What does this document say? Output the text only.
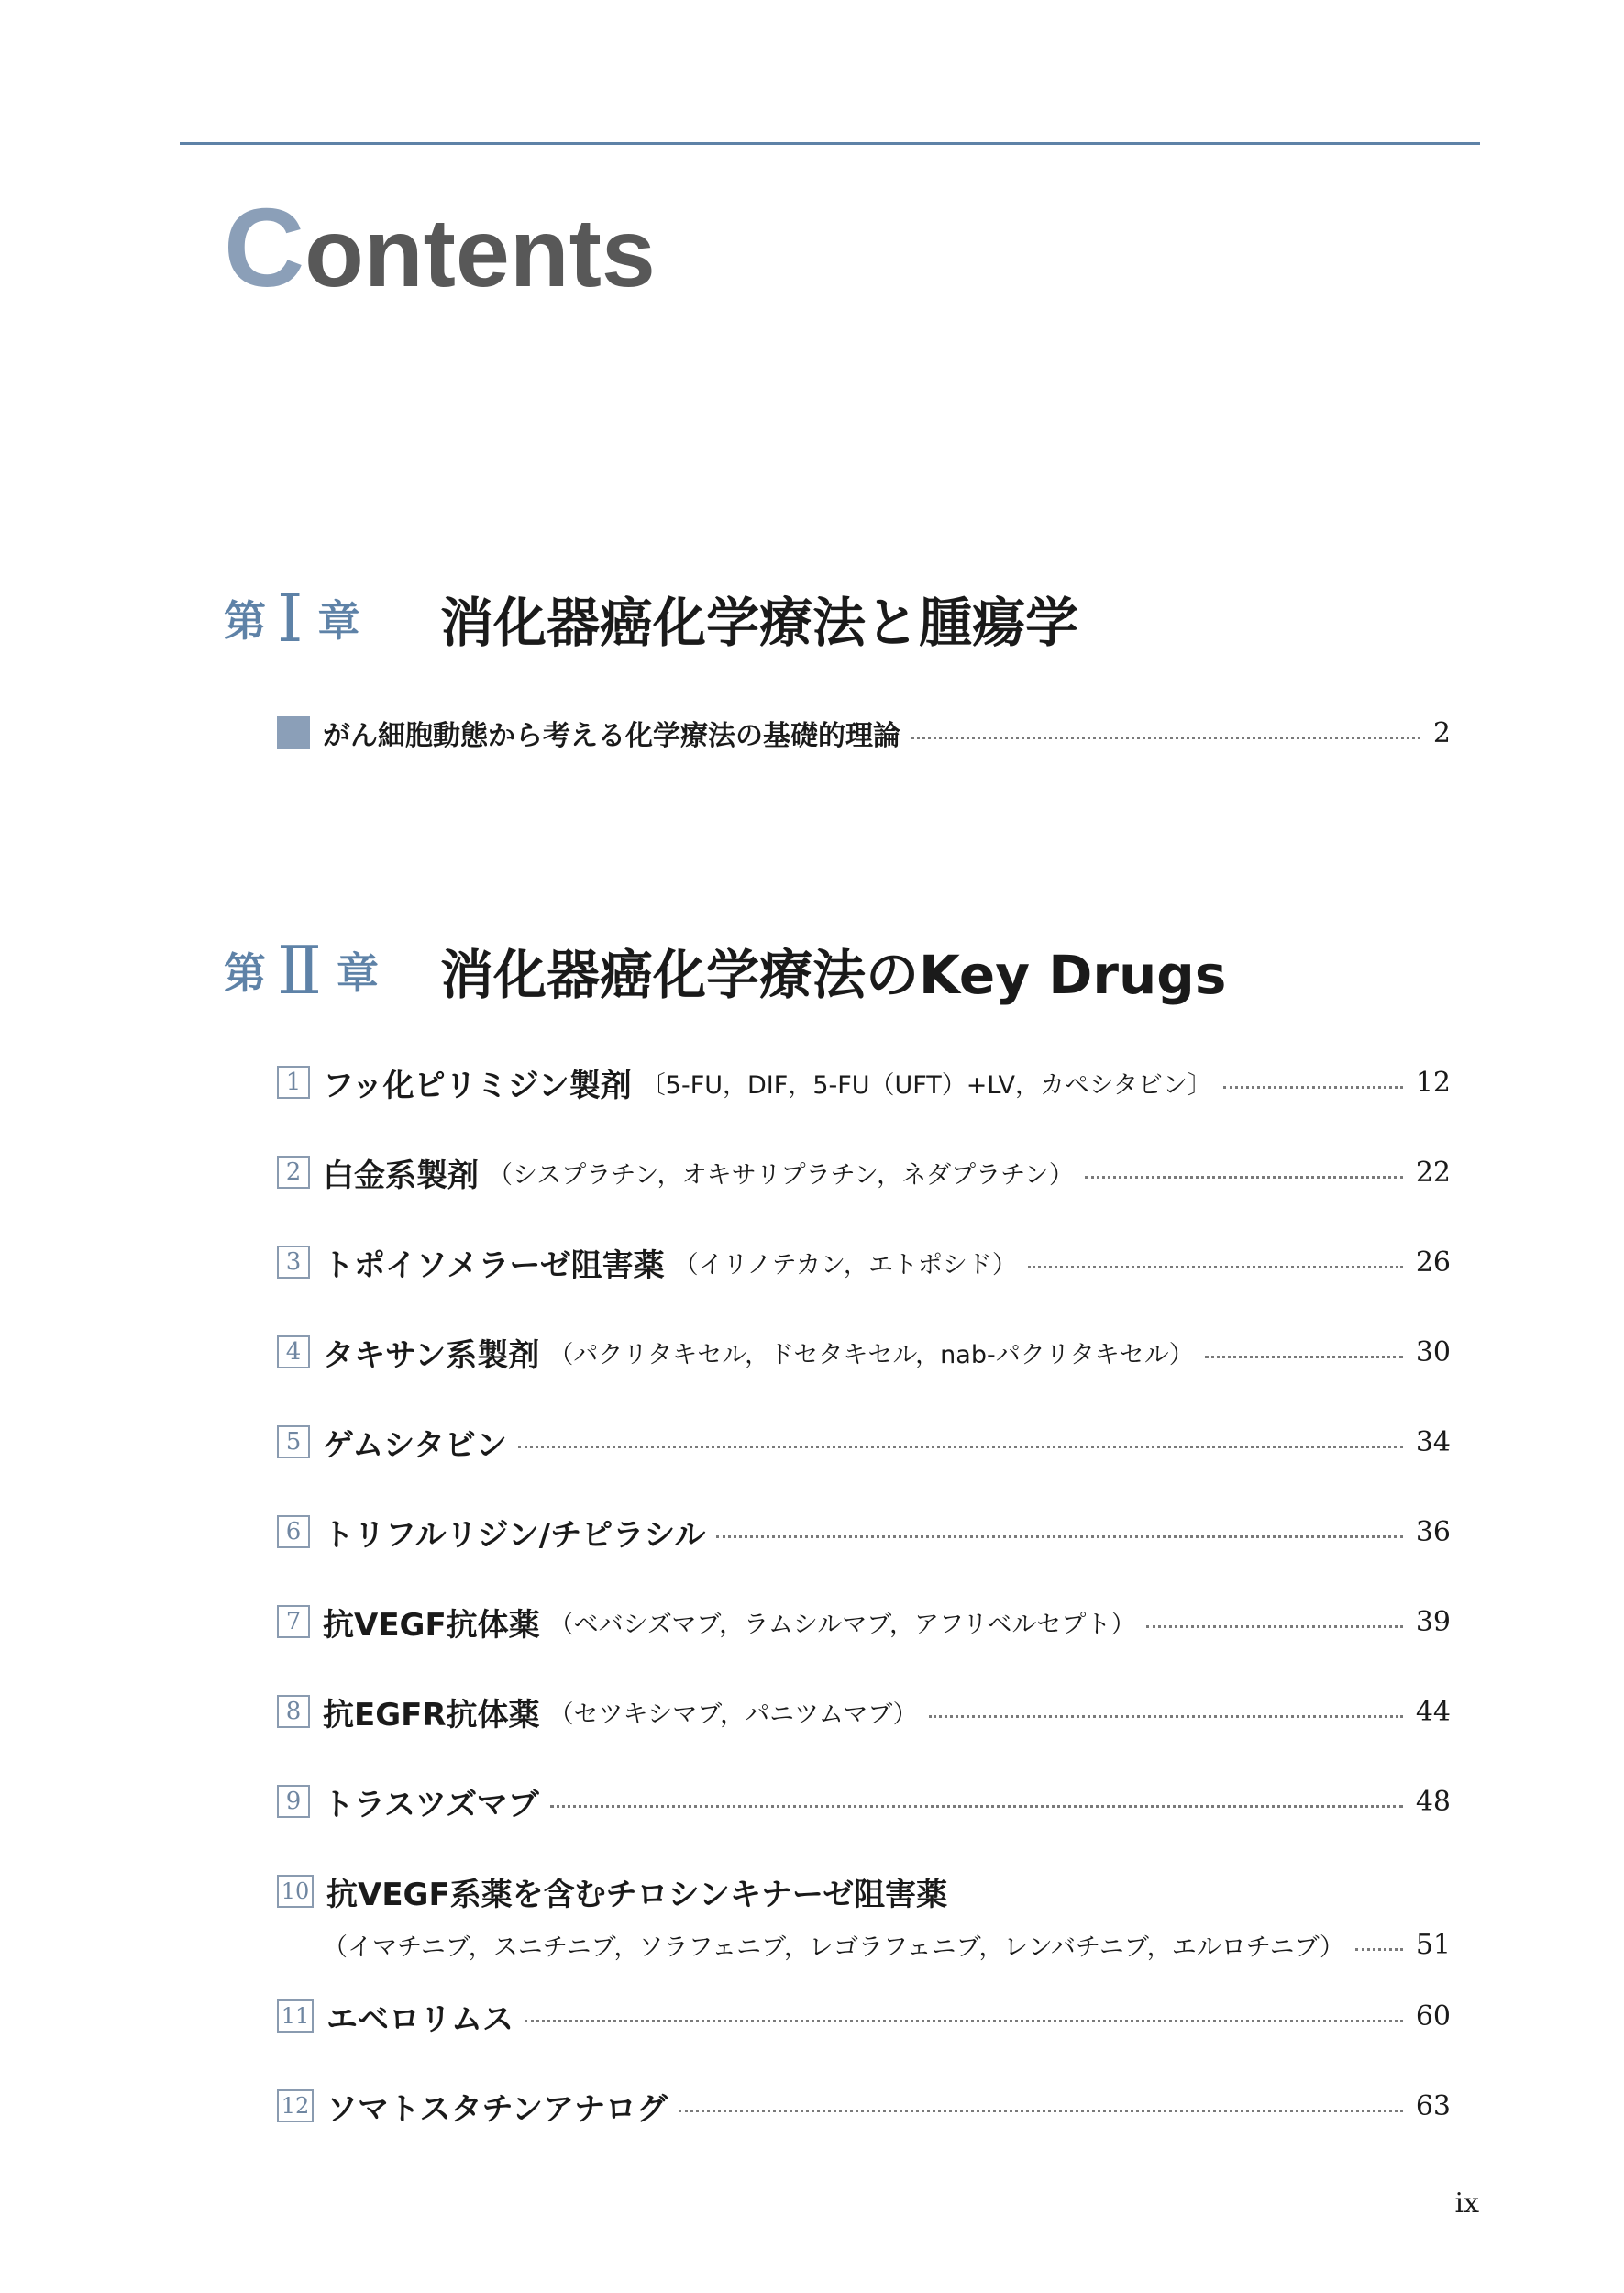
Contents
第 Ⅰ 章 消化器癌化学療法と腫瘍学
がん細胞動態から考える化学療法の基礎的理論	2
第 Ⅱ 章 消化器癌化学療法のKey Drugs
1 フッ化ピリミジン製剤 〔5-FU，DIF，5-FU（UFT）+LV，カペシタビン〕	12
2 白金系製剤 （シスプラチン，オキサリプラチン，ネダプラチン）	22
3 トポイソメラーゼ阻害薬 （イリノテカン，エトポシド）	26
4 タキサン系製剤 （パクリタキセル，ドセタキセル，nab-パクリタキセル）	30
5 ゲムシタビン	34
6 トリフルリジン/チピラシル	36
7 抗VEGF抗体薬 （ベバシズマブ，ラムシルマブ，アフリベルセプト）	39
8 抗EGFR抗体薬 （セツキシマブ，パニツムマブ）	44
9 トラスツズマブ	48
10 抗VEGF系薬を含むチロシンキナーゼ阻害薬
（イマチニブ，スニチニブ，ソラフェニブ，レゴラフェニブ，レンバチニブ，エルロチニブ）	51
11 エベロリムス	60
12 ソマトスタチンアナログ	63
ix
